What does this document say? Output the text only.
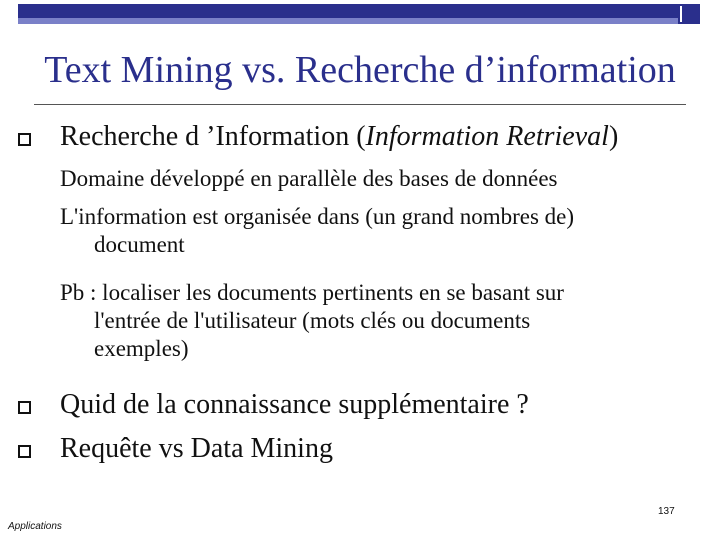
Text Mining vs. Recherche d’information
Recherche d ’Information (Information Retrieval)
Domaine développé en parallèle des bases de données
L'information est organisée dans (un grand nombres de)
document
Pb : localiser les documents pertinents en se basant sur
l'entrée de l'utilisateur (mots clés ou documents
exemples)
Quid de la connaissance supplémentaire ?
Requête vs Data Mining
137
Applications
